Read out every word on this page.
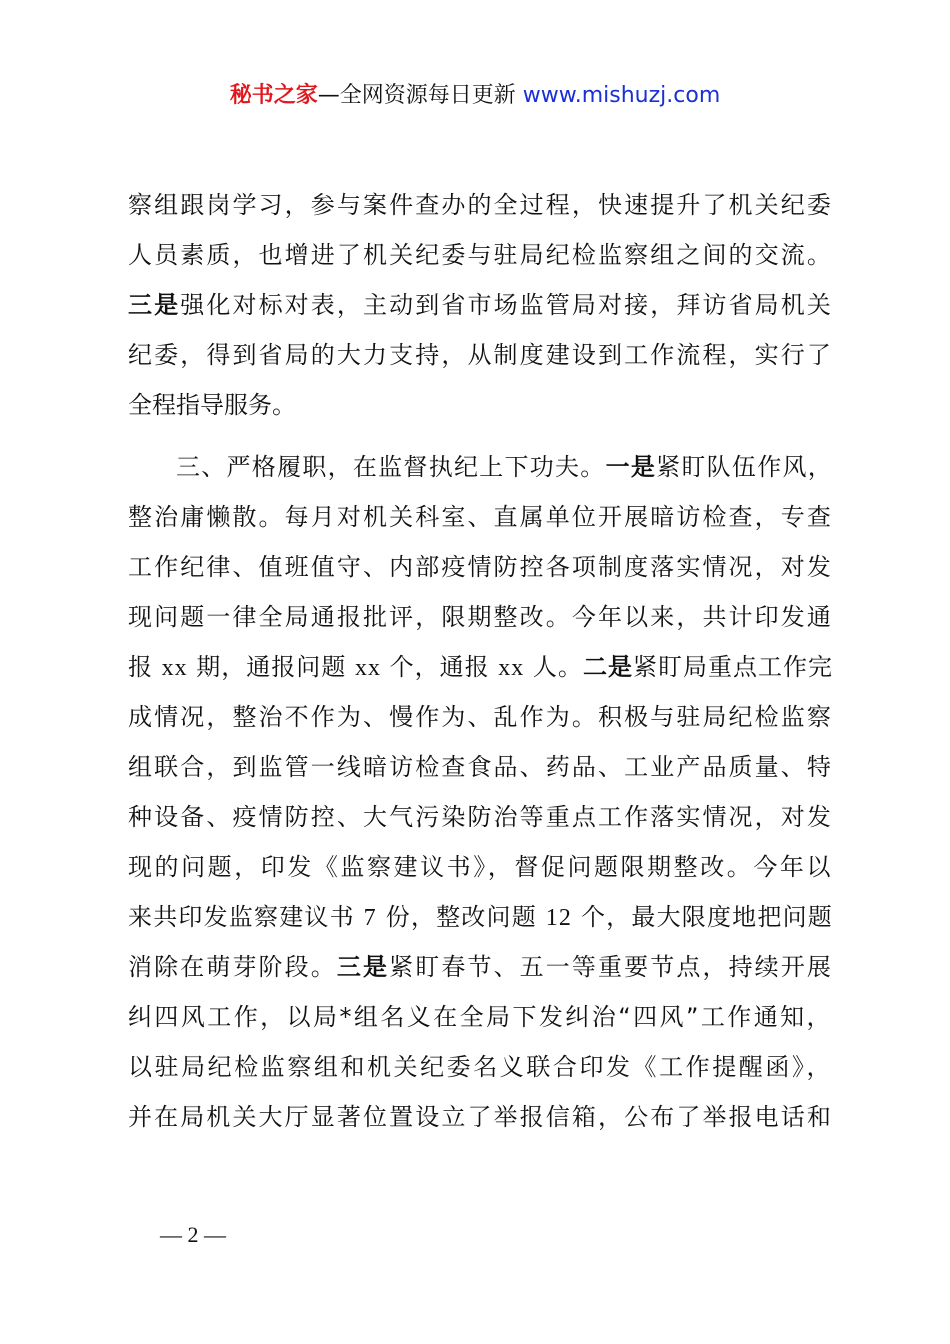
秘书之家—全网资源每日更新 www.mishuzj.com
察组跟岗学习，参与案件查办的全过程，快速提升了机关纪委
人员素质，也增进了机关纪委与驻局纪检监察组之间的交流。
三是强化对标对表，主动到省市场监管局对接，拜访省局机关
纪委，得到省局的大力支持，从制度建设到工作流程，实行了
全程指导服务。
三、严格履职，在监督执纪上下功夫。一是紧盯队伍作风，
整治庸懒散。每月对机关科室、直属单位开展暗访检查，专查
工作纪律、值班值守、内部疫情防控各项制度落实情况，对发
现问题一律全局通报批评，限期整改。今年以来，共计印发通
报 xx 期，通报问题 xx 个，通报 xx 人。二是紧盯局重点工作完
成情况，整治不作为、慢作为、乱作为。积极与驻局纪检监察
组联合，到监管一线暗访检查食品、药品、工业产品质量、特
种设备、疫情防控、大气污染防治等重点工作落实情况，对发
现的问题，印发《监察建议书》，督促问题限期整改。今年以
来共印发监察建议书 7 份，整改问题 12 个，最大限度地把问题
消除在萌芽阶段。三是紧盯春节、五一等重要节点，持续开展
纠四风工作，以局*组名义在全局下发纠治“四风”工作通知，
以驻局纪检监察组和机关纪委名义联合印发《工作提醒函》，
并在局机关大厅显著位置设立了举报信箱，公布了举报电话和
— 2 —
